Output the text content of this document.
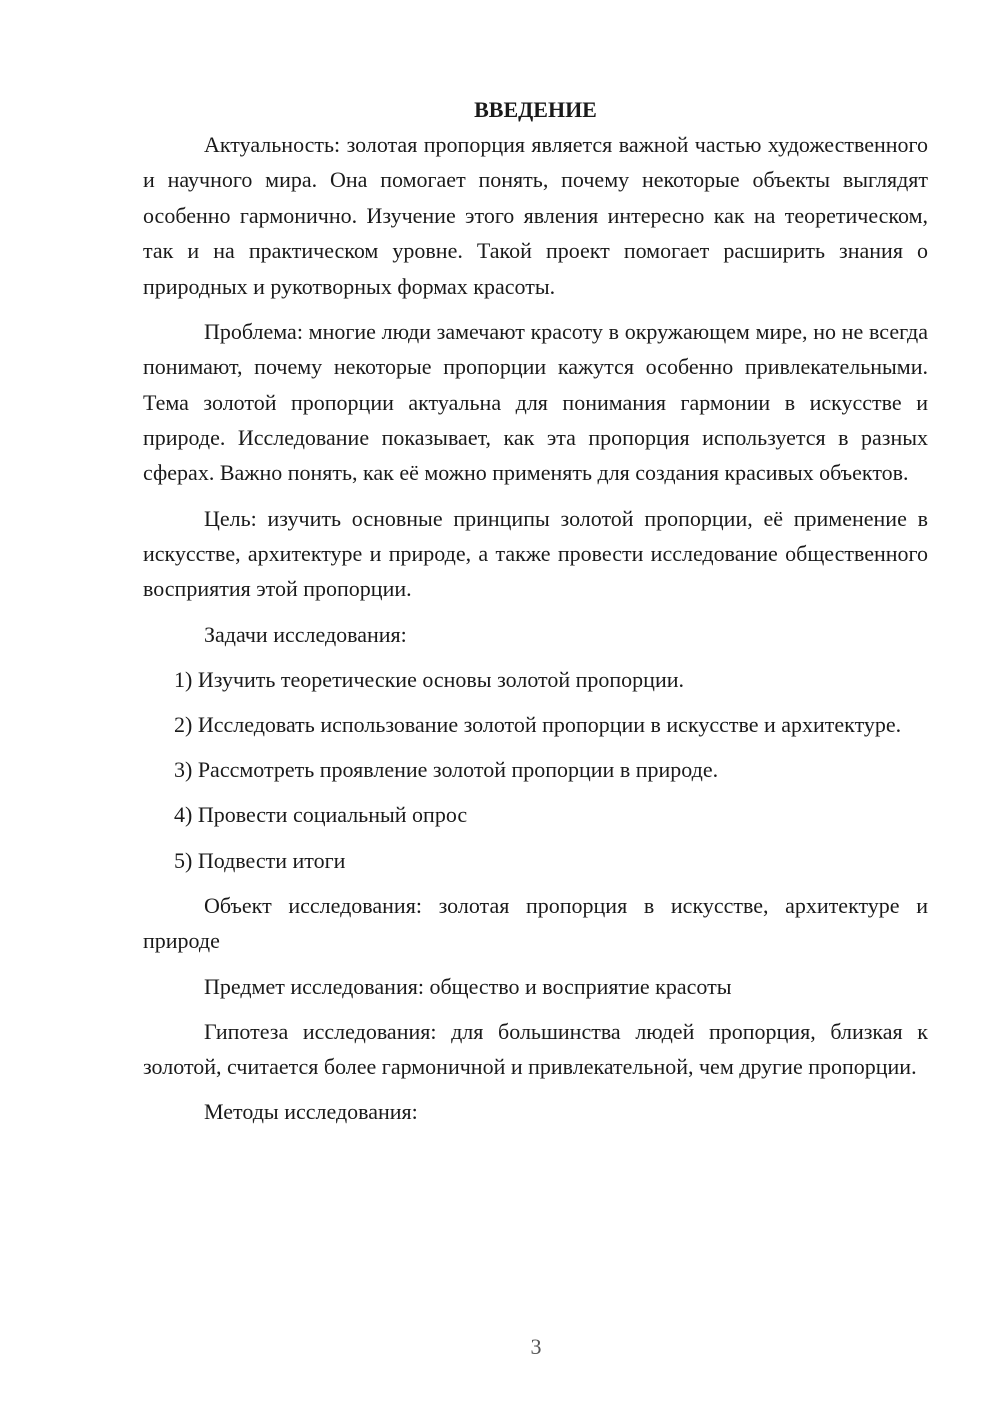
ВВЕДЕНИЕ

Актуальность: золотая пропорция является важной частью художественного и научного мира. Она помогает понять, почему некоторые объекты выглядят особенно гармонично. Изучение этого явления интересно как на теоретическом, так и на практическом уровне. Такой проект помогает расширить знания о природных и рукотворных формах красоты.

Проблема: многие люди замечают красоту в окружающем мире, но не всегда понимают, почему некоторые пропорции кажутся особенно привлекательными. Тема золотой пропорции актуальна для понимания гармонии в искусстве и природе. Исследование показывает, как эта пропорция используется в разных сферах. Важно понять, как её можно применять для создания красивых объектов.

Цель: изучить основные принципы золотой пропорции, её применение в искусстве, архитектуре и природе, а также провести исследование общественного восприятия этой пропорции.

Задачи исследования:

1) Изучить теоретические основы золотой пропорции.

2) Исследовать использование золотой пропорции в искусстве и архитектуре.

3) Рассмотреть проявление золотой пропорции в природе.

4) Провести социальный опрос

5) Подвести итоги

Объект исследования: золотая пропорция в искусстве, архитектуре и природе

Предмет исследования: общество и восприятие красоты

Гипотеза исследования: для большинства людей пропорция, близкая к золотой, считается более гармоничной и привлекательной, чем другие пропорции.

Методы исследования:

3
